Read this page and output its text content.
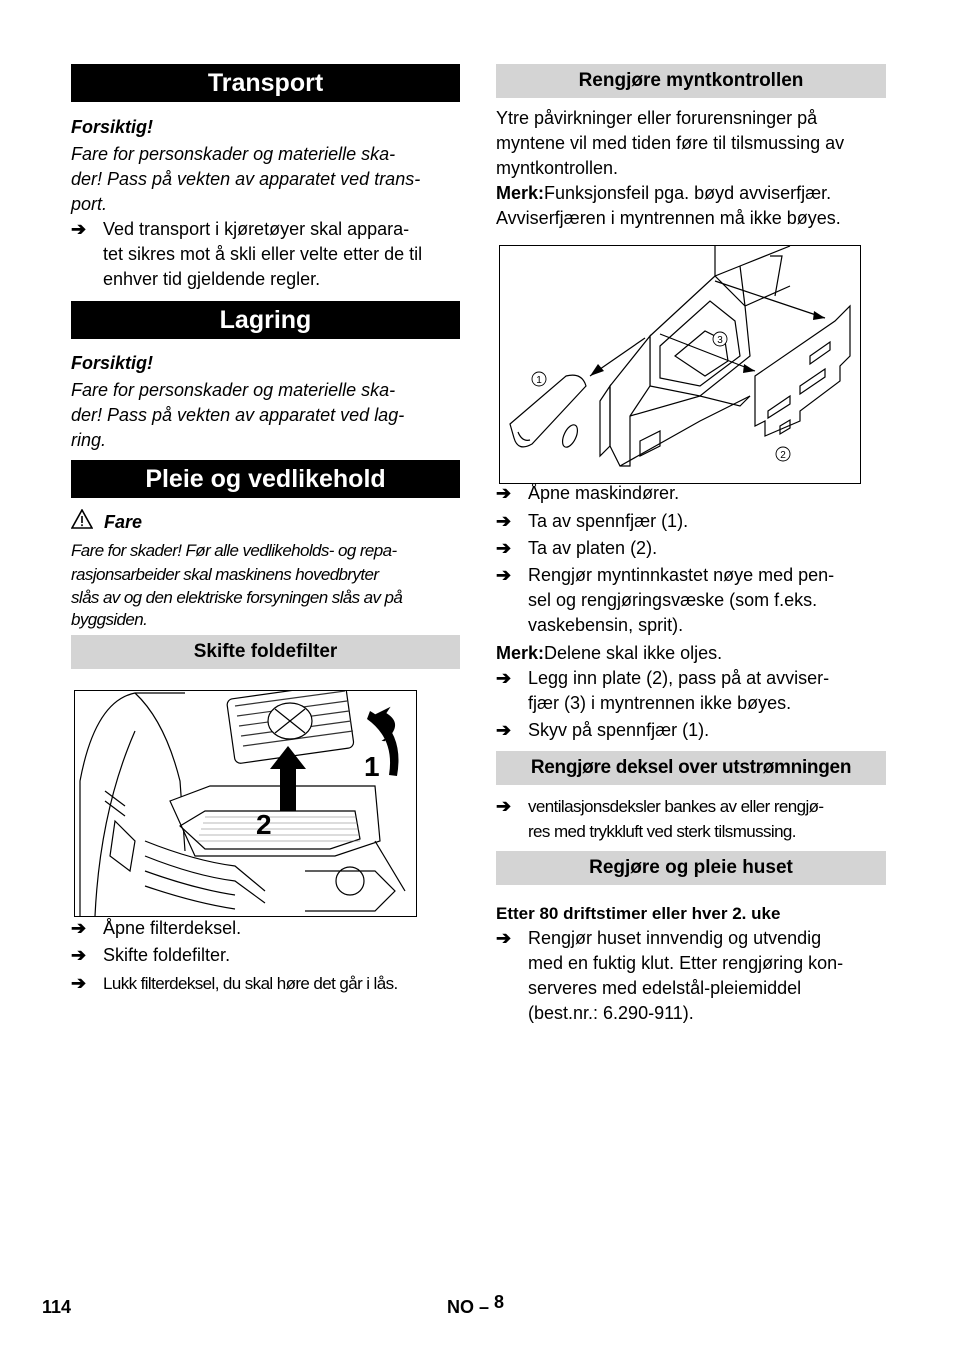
Transport
Forsiktig!
Fare for personskader og materielle ska-
der! Pass på vekten av apparatet ved trans-
port.
➔ Ved transport i kjøretøyer skal appara-
tet sikres mot å skli eller velte etter de til
enhver tid gjeldende regler.
Lagring
Forsiktig!
Fare for personskader og materielle ska-
der! Pass på vekten av apparatet ved lag-
ring.
Pleie og vedlikehold
Fare
Fare for skader! Før alle vedlikeholds- og repa-
rasjonsarbeider skal maskinens hovedbryter
slås av og den elektriske forsyningen slås av på
byggsiden.
Skifte foldefilter
1
2
➔ Åpne filterdeksel.
➔ Skifte foldefilter.
➔ Lukk filterdeksel, du skal høre det går i lås.
Rengjøre myntkontrollen
Ytre påvirkninger eller forurensninger på
myntene vil med tiden føre til tilsmussing av
myntkontrollen.
Merk:Funksjonsfeil pga. bøyd avviserfjær.
Avviserfjæren i myntrennen må ikke bøyes.
1
2
3
➔ Åpne maskindører.
➔ Ta av spennfjær (1).
➔ Ta av platen (2).
➔ Rengjør myntinnkastet nøye med pen-
sel og rengjøringsvæske (som f.eks.
vaskebensin, sprit).
Merk:Delene skal ikke oljes.
➔ Legg inn plate (2), pass på at avviser-
fjær (3) i myntrennen ikke bøyes.
➔ Skyv på spennfjær (1).
Rengjøre deksel over utstrømningen
➔ ventilasjonsdeksler bankes av eller rengjø-
res med trykkluft ved sterk tilsmussing.
Regjøre og pleie huset
Etter 80 driftstimer eller hver 2. uke
➔ Rengjør huset innvendig og utvendig
med en fuktig klut. Etter rengjøring kon-
serveres med edelstål-pleiemiddel
(best.nr.: 6.290-911).
114	NO – 8
